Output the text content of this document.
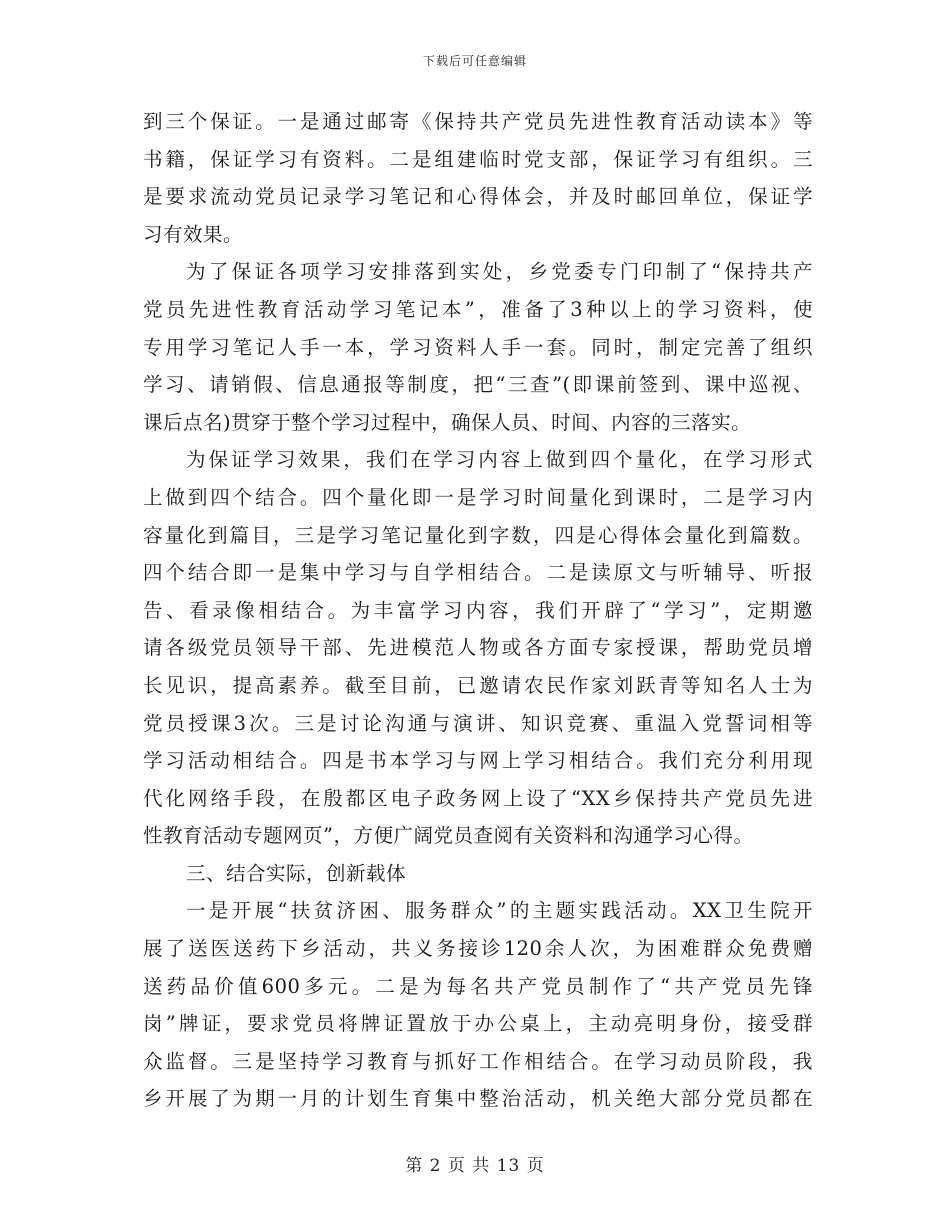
下载后可任意编辑
到三个保证。一是通过邮寄《保持共产党员先进性教育活动读本》等
书籍，保证学习有资料。二是组建临时党支部，保证学习有组织。三
是要求流动党员记录学习笔记和心得体会，并及时邮回单位，保证学
习有效果。
为了保证各项学习安排落到实处，乡党委专门印制了“保持共产
党员先进性教育活动学习笔记本”，准备了3种以上的学习资料，使
专用学习笔记人手一本，学习资料人手一套。同时，制定完善了组织
学习、请销假、信息通报等制度，把“三查”(即课前签到、课中巡视、
课后点名)贯穿于整个学习过程中，确保人员、时间、内容的三落实。
为保证学习效果，我们在学习内容上做到四个量化，在学习形式
上做到四个结合。四个量化即一是学习时间量化到课时，二是学习内
容量化到篇目，三是学习笔记量化到字数，四是心得体会量化到篇数。
四个结合即一是集中学习与自学相结合。二是读原文与听辅导、听报
告、看录像相结合。为丰富学习内容，我们开辟了“学习”，定期邀
请各级党员领导干部、先进模范人物或各方面专家授课，帮助党员增
长见识，提高素养。截至目前，已邀请农民作家刘跃青等知名人士为
党员授课3次。三是讨论沟通与演讲、知识竞赛、重温入党誓词相等
学习活动相结合。四是书本学习与网上学习相结合。我们充分利用现
代化网络手段，在殷都区电子政务网上设了“XX乡保持共产党员先进
性教育活动专题网页”，方便广阔党员查阅有关资料和沟通学习心得。
三、结合实际，创新载体
一是开展“扶贫济困、服务群众”的主题实践活动。XX卫生院开
展了送医送药下乡活动，共义务接诊120余人次，为困难群众免费赠
送药品价值600多元。二是为每名共产党员制作了“共产党员先锋
岗”牌证，要求党员将牌证置放于办公桌上，主动亮明身份，接受群
众监督。三是坚持学习教育与抓好工作相结合。在学习动员阶段，我
乡开展了为期一月的计划生育集中整治活动，机关绝大部分党员都在
第 2 页 共 13 页
